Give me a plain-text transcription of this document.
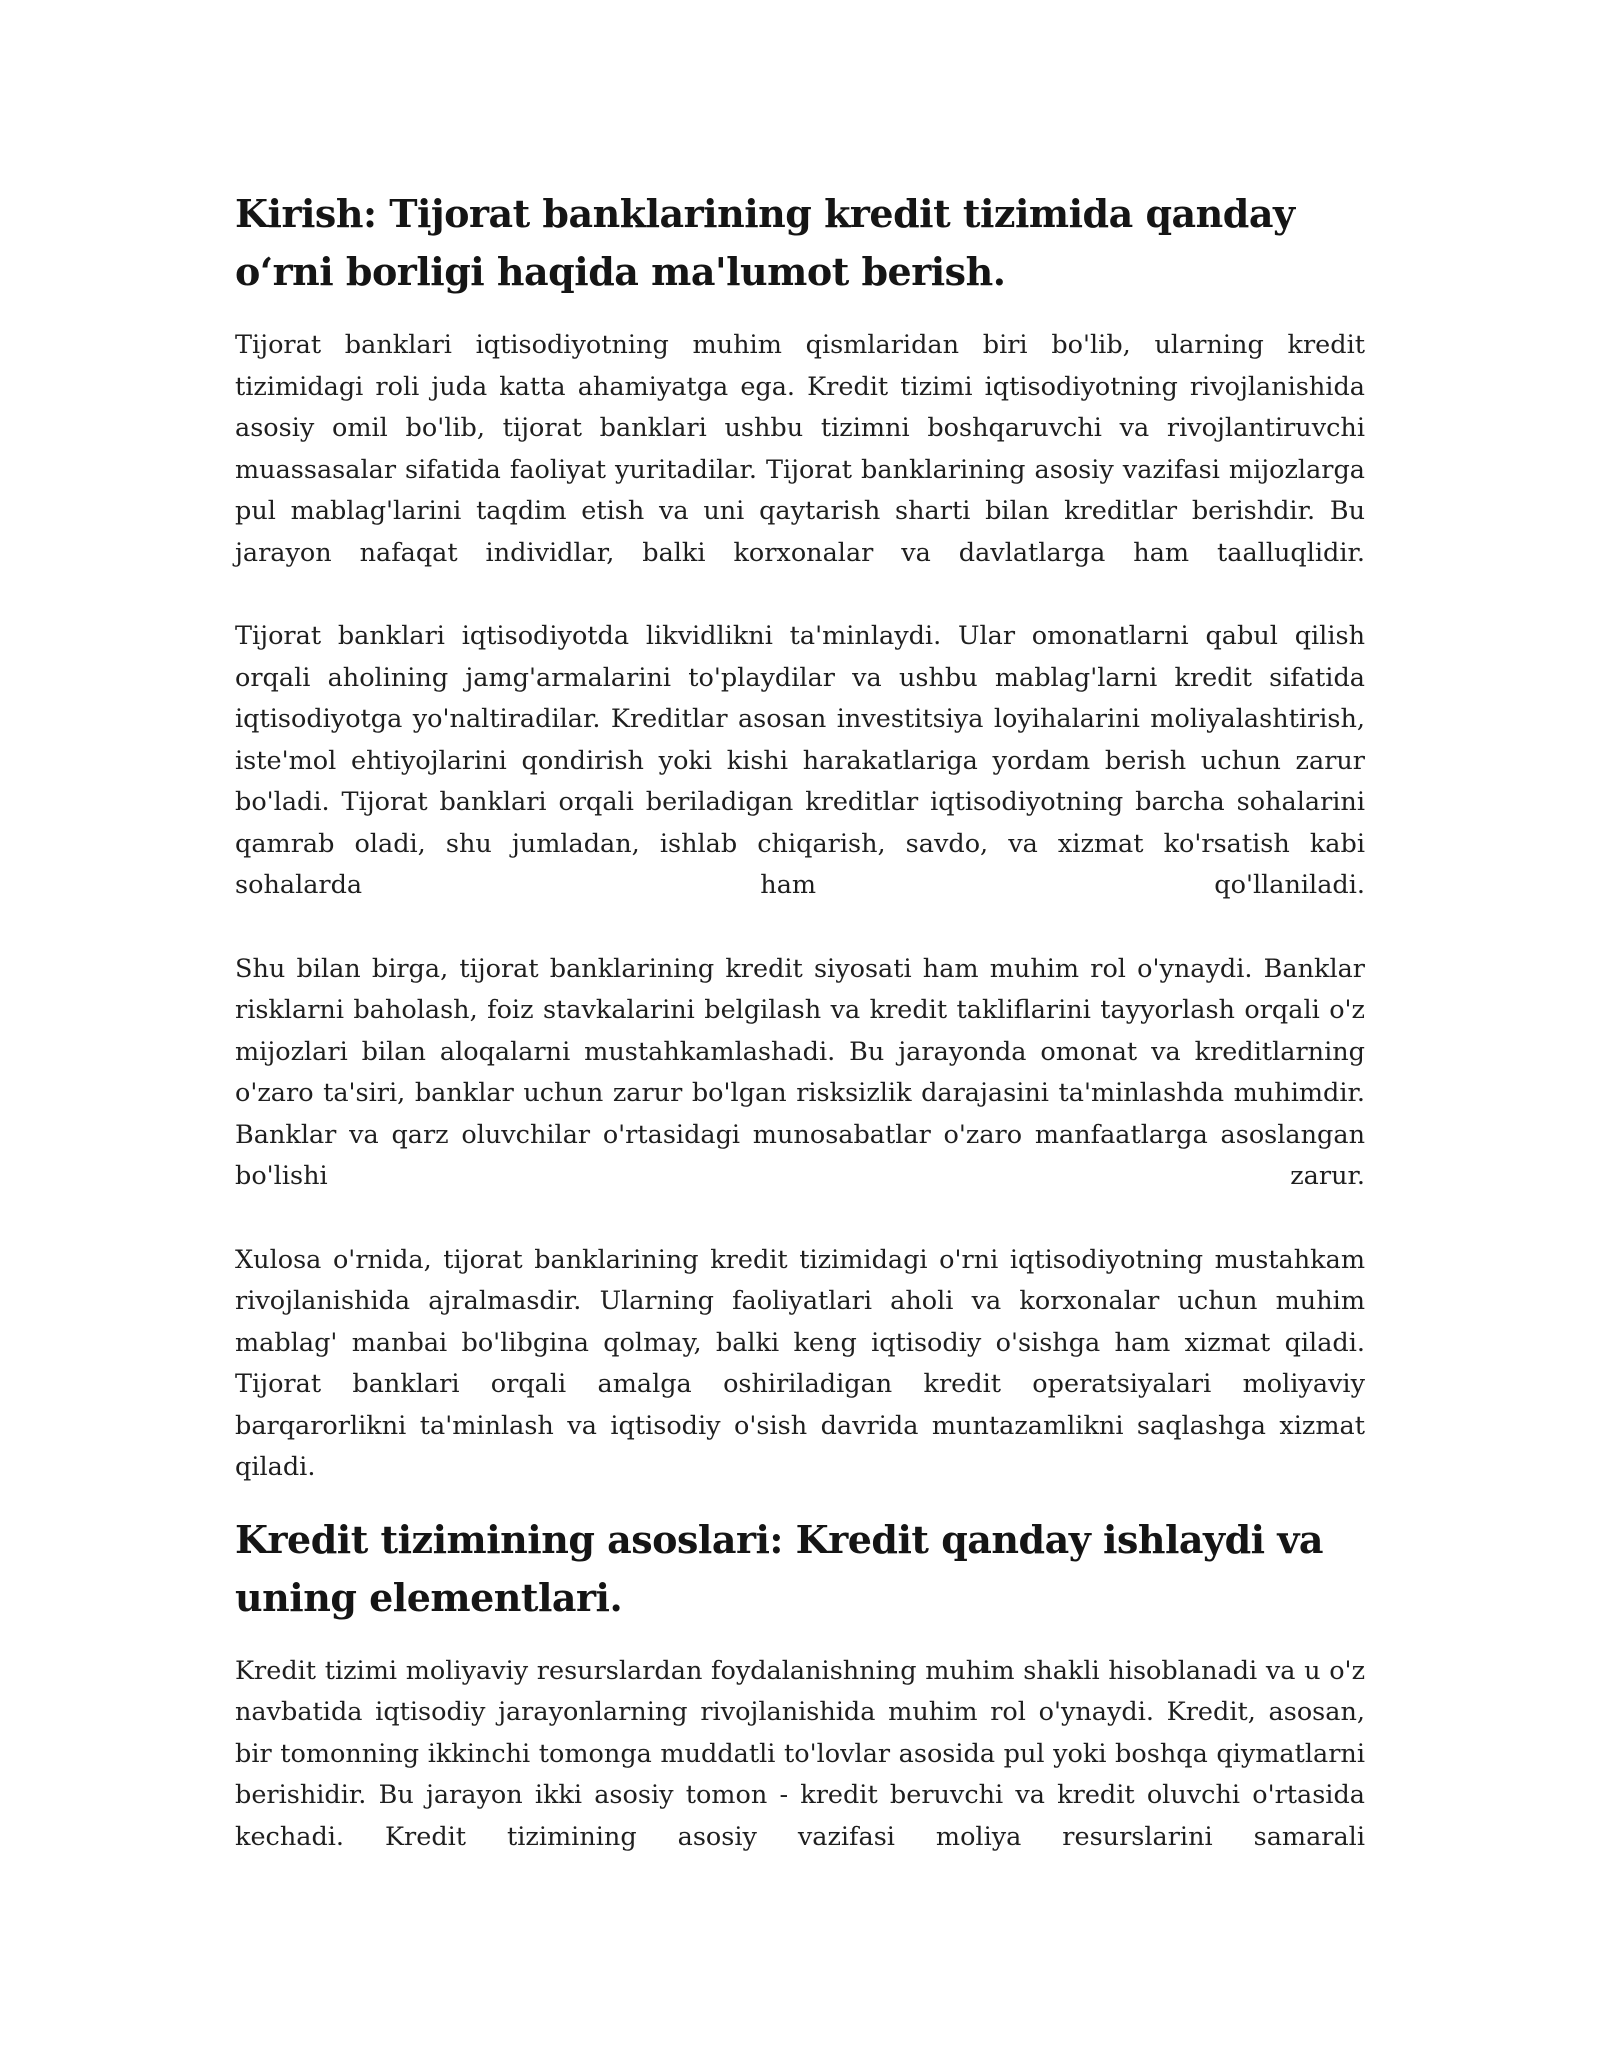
Kirish: Tijorat banklarining kredit tizimida qanday o‘rni borligi haqida ma'lumot berish.

Tijorat banklari iqtisodiyotning muhim qismlaridan biri bo'lib, ularning kredit tizimidagi roli juda katta ahamiyatga ega. Kredit tizimi iqtisodiyotning rivojlanishida asosiy omil bo'lib, tijorat banklari ushbu tizimni boshqaruvchi va rivojlantiruvchi muassasalar sifatida faoliyat yuritadilar. Tijorat banklarining asosiy vazifasi mijozlarga pul mablag'larini taqdim etish va uni qaytarish sharti bilan kreditlar berishdir. Bu jarayon nafaqat individlar, balki korxonalar va davlatlarga ham taalluqlidir.

Tijorat banklari iqtisodiyotda likvidlikni ta'minlaydi. Ular omonatlarni qabul qilish orqali aholining jamg'armalarini to'playdilar va ushbu mablag'larni kredit sifatida iqtisodiyotga yo'naltiradilar. Kreditlar asosan investitsiya loyihalarini moliyalashtirish, iste'mol ehtiyojlarini qondirish yoki kishi harakatlariga yordam berish uchun zarur bo'ladi. Tijorat banklari orqali beriladigan kreditlar iqtisodiyotning barcha sohalarini qamrab oladi, shu jumladan, ishlab chiqarish, savdo, va xizmat ko'rsatish kabi sohalarda ham qo'llaniladi.

Shu bilan birga, tijorat banklarining kredit siyosati ham muhim rol o'ynaydi. Banklar risklarni baholash, foiz stavkalarini belgilash va kredit takliflarini tayyorlash orqali o'z mijozlari bilan aloqalarni mustahkamlashadi. Bu jarayonda omonat va kreditlarning o'zaro ta'siri, banklar uchun zarur bo'lgan risksizlik darajasini ta'minlashda muhimdir. Banklar va qarz oluvchilar o'rtasidagi munosabatlar o'zaro manfaatlarga asoslangan bo'lishi zarur.

Xulosa o'rnida, tijorat banklarining kredit tizimidagi o'rni iqtisodiyotning mustahkam rivojlanishida ajralmasdir. Ularning faoliyatlari aholi va korxonalar uchun muhim mablag' manbai bo'libgina qolmay, balki keng iqtisodiy o'sishga ham xizmat qiladi. Tijorat banklari orqali amalga oshiriladigan kredit operatsiyalari moliyaviy barqarorlikni ta'minlash va iqtisodiy o'sish davrida muntazamlikni saqlashga xizmat qiladi.

Kredit tizimining asoslari: Kredit qanday ishlaydi va uning elementlari.

Kredit tizimi moliyaviy resurslardan foydalanishning muhim shakli hisoblanadi va u o'z navbatida iqtisodiy jarayonlarning rivojlanishida muhim rol o'ynaydi. Kredit, asosan, bir tomonning ikkinchi tomonga muddatli to'lovlar asosida pul yoki boshqa qiymatlarni berishidir. Bu jarayon ikki asosiy tomon - kredit beruvchi va kredit oluvchi o'rtasida kechadi. Kredit tizimining asosiy vazifasi moliya resurslarini samarali
